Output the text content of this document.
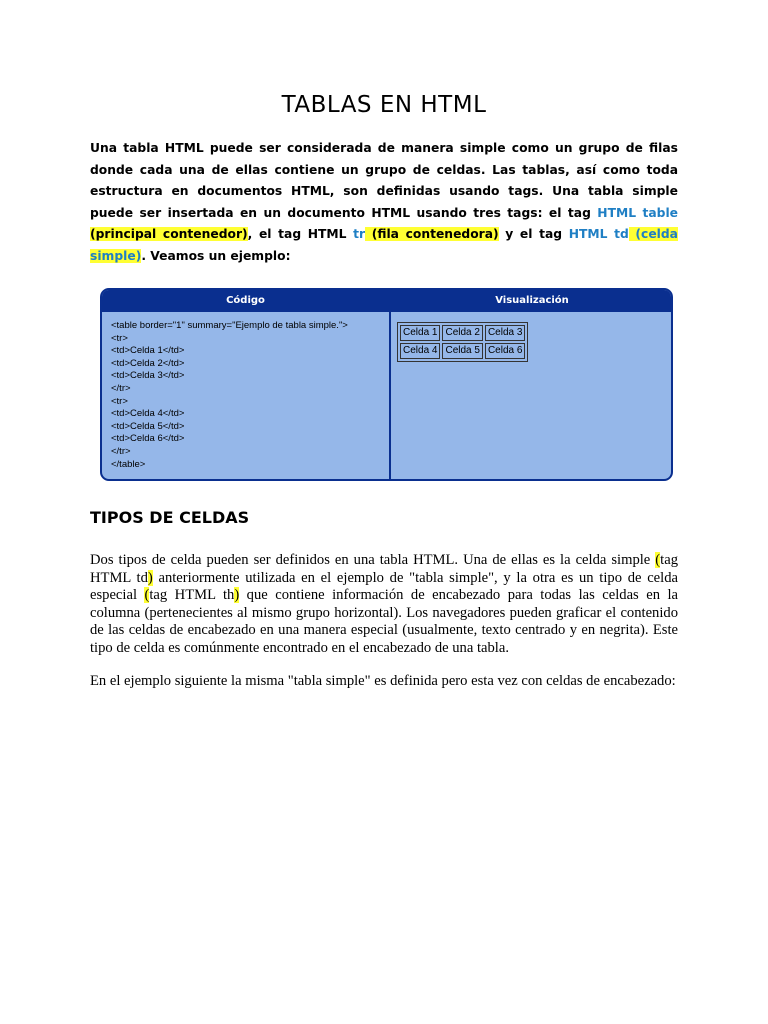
TABLAS EN HTML
Una tabla HTML puede ser considerada de manera simple como un grupo de filas donde cada una de ellas contiene un grupo de celdas. Las tablas, así como toda estructura en documentos HTML, son definidas usando tags. Una tabla simple puede ser insertada en un documento HTML usando tres tags: el tag HTML table (principal contenedor), el tag HTML tr (fila contenedora) y el tag HTML td (celda simple). Veamos un ejemplo:
Código	Visualización
<table border="1" summary="Ejemplo de tabla simple.">
<tr>
<td>Celda 1</td>
<td>Celda 2</td>
<td>Celda 3</td>
</tr>
<tr>
<td>Celda 4</td>
<td>Celda 5</td>
<td>Celda 6</td>
</tr>
</table>
Celda 1	Celda 2	Celda 3
Celda 4	Celda 5	Celda 6
TIPOS DE CELDAS
Dos tipos de celda pueden ser definidos en una tabla HTML. Una de ellas es la celda simple (tag HTML td) anteriormente utilizada en el ejemplo de "tabla simple", y la otra es un tipo de celda especial (tag HTML th) que contiene información de encabezado para todas las celdas en la columna (pertenecientes al mismo grupo horizontal). Los navegadores pueden graficar el contenido de las celdas de encabezado en una manera especial (usualmente, texto centrado y en negrita). Este tipo de celda es comúnmente encontrado en el encabezado de una tabla.
En el ejemplo siguiente la misma "tabla simple" es definida pero esta vez con celdas de encabezado:
